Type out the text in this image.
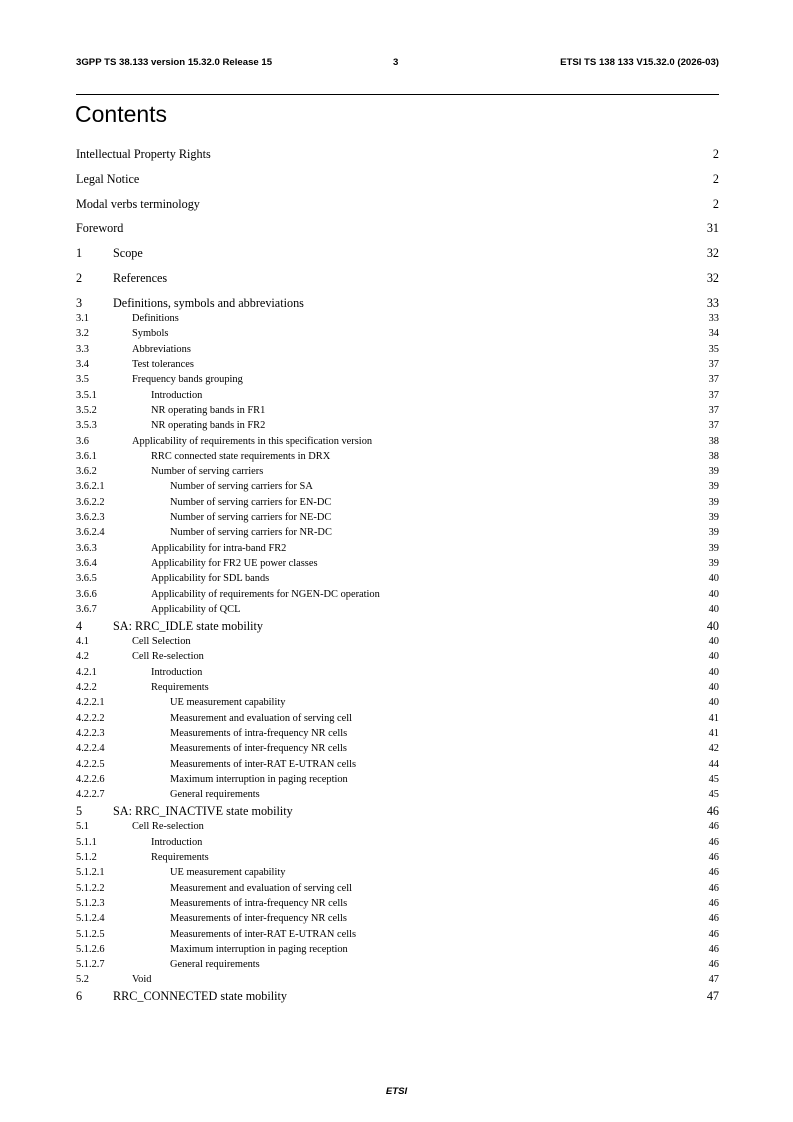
3GPP TS 38.133 version 15.32.0 Release 15	3	ETSI TS 138 133 V15.32.0 (2026-03)
Contents
Intellectual Property Rights	2
Legal Notice	2
Modal verbs terminology	2
Foreword	31
1	Scope	32
2	References	32
3	Definitions, symbols and abbreviations	33
3.1	Definitions	33
3.2	Symbols	34
3.3	Abbreviations	35
3.4	Test tolerances	37
3.5	Frequency bands grouping	37
3.5.1	Introduction	37
3.5.2	NR operating bands in FR1	37
3.5.3	NR operating bands in FR2	37
3.6	Applicability of requirements in this specification version	38
3.6.1	RRC connected state requirements in DRX	38
3.6.2	Number of serving carriers	39
3.6.2.1	Number of serving carriers for SA	39
3.6.2.2	Number of serving carriers for EN-DC	39
3.6.2.3	Number of serving carriers for NE-DC	39
3.6.2.4	Number of serving carriers for NR-DC	39
3.6.3	Applicability for intra-band FR2	39
3.6.4	Applicability for FR2 UE power classes	39
3.6.5	Applicability for SDL bands	40
3.6.6	Applicability of requirements for NGEN-DC operation	40
3.6.7	Applicability of QCL	40
4	SA: RRC_IDLE state mobility	40
4.1	Cell Selection	40
4.2	Cell Re-selection	40
4.2.1	Introduction	40
4.2.2	Requirements	40
4.2.2.1	UE measurement capability	40
4.2.2.2	Measurement and evaluation of serving cell	41
4.2.2.3	Measurements of intra-frequency NR cells	41
4.2.2.4	Measurements of inter-frequency NR cells	42
4.2.2.5	Measurements of inter-RAT E-UTRAN cells	44
4.2.2.6	Maximum interruption in paging reception	45
4.2.2.7	General requirements	45
5	SA: RRC_INACTIVE state mobility	46
5.1	Cell Re-selection	46
5.1.1	Introduction	46
5.1.2	Requirements	46
5.1.2.1	UE measurement capability	46
5.1.2.2	Measurement and evaluation of serving cell	46
5.1.2.3	Measurements of intra-frequency NR cells	46
5.1.2.4	Measurements of inter-frequency NR cells	46
5.1.2.5	Measurements of inter-RAT E-UTRAN cells	46
5.1.2.6	Maximum interruption in paging reception	46
5.1.2.7	General requirements	46
5.2	Void	47
6	RRC_CONNECTED state mobility	47
ETSI
